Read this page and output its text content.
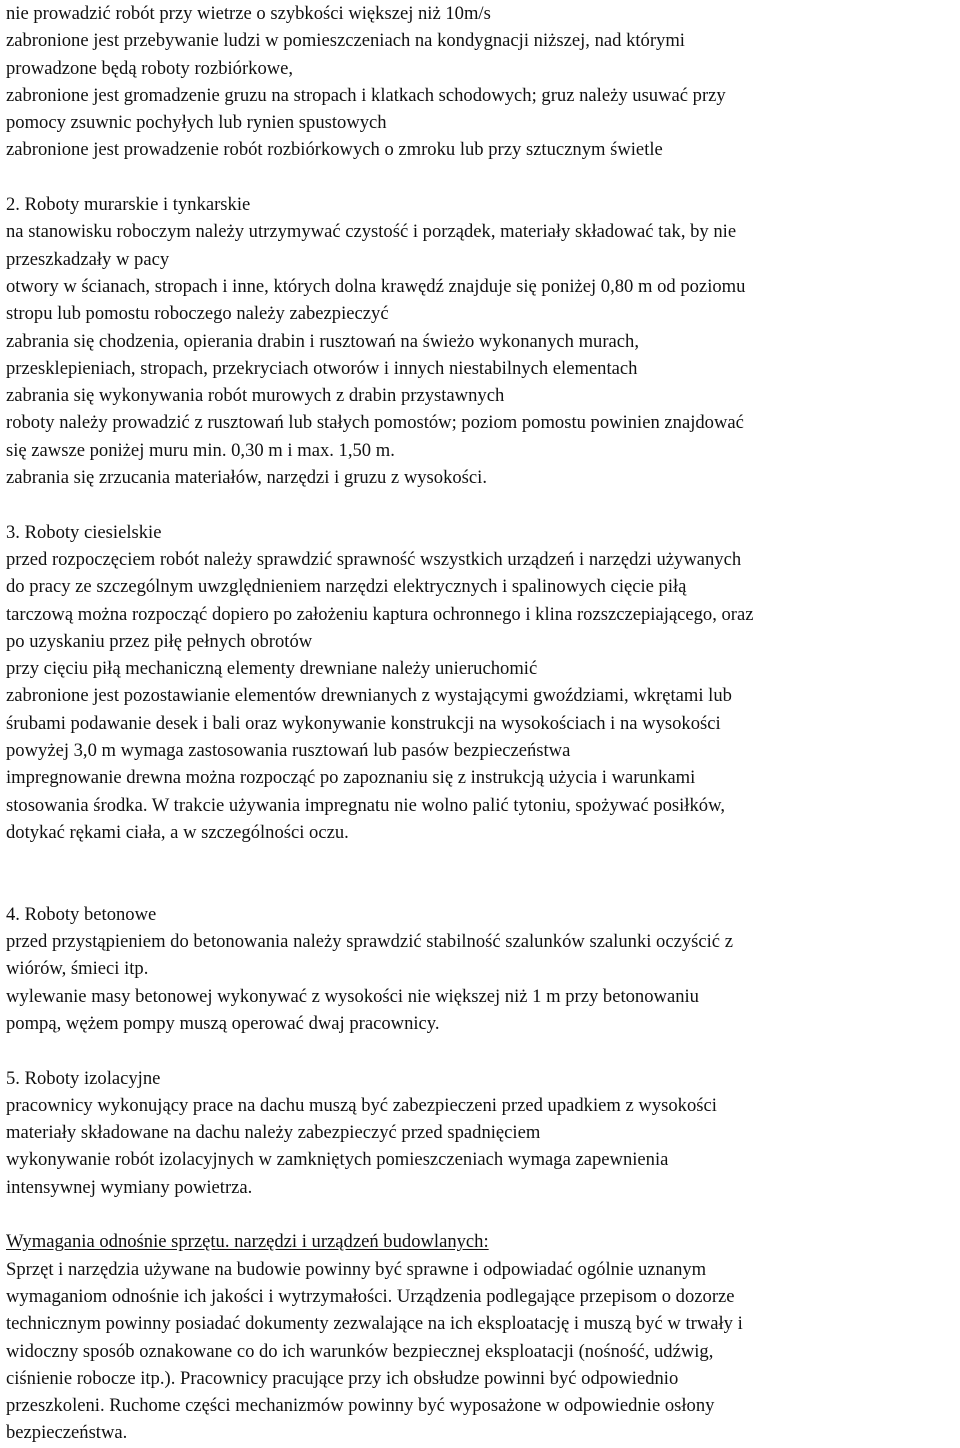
nie prowadzić robót przy wietrze o szybkości większej niż 10m/s
zabronione jest przebywanie ludzi w pomieszczeniach na kondygnacji niższej, nad którymi
prowadzone będą roboty rozbiórkowe,
zabronione jest gromadzenie gruzu na stropach i klatkach schodowych; gruz należy usuwać przy
pomocy zsuwnic pochyłych lub rynien spustowych
zabronione jest prowadzenie robót rozbiórkowych o zmroku lub przy sztucznym świetle
2. Roboty murarskie i tynkarskie
na stanowisku roboczym należy utrzymywać czystość i porządek, materiały składować tak, by nie
przeszkadzały w pacy
otwory w ścianach, stropach i inne, których dolna krawędź znajduje się poniżej 0,80 m od poziomu
stropu lub pomostu roboczego należy zabezpieczyć
zabrania się chodzenia, opierania drabin i rusztowań na świeżo wykonanych murach,
przesklepieniach, stropach, przekryciach otworów i innych niestabilnych elementach
zabrania się wykonywania robót murowych z drabin przystawnych
roboty należy prowadzić z rusztowań lub stałych pomostów; poziom pomostu powinien znajdować
się zawsze poniżej muru min. 0,30 m i max. 1,50 m.
zabrania się zrzucania materiałów, narzędzi i gruzu z wysokości.
3. Roboty ciesielskie
przed rozpoczęciem robót należy sprawdzić sprawność wszystkich urządzeń i narzędzi używanych
do pracy ze szczególnym uwzględnieniem narzędzi elektrycznych i spalinowych cięcie piłą
tarczową można rozpocząć dopiero po założeniu kaptura ochronnego i klina rozszczepiającego, oraz
po uzyskaniu przez piłę pełnych obrotów
przy cięciu piłą mechaniczną elementy drewniane należy unieruchomić
zabronione jest pozostawianie elementów drewnianych z wystającymi gwoździami, wkrętami lub
śrubami podawanie desek i bali oraz wykonywanie konstrukcji na wysokościach i na wysokości
powyżej 3,0 m wymaga zastosowania rusztowań lub pasów bezpieczeństwa
impregnowanie drewna można rozpocząć po zapoznaniu się z instrukcją użycia i warunkami
stosowania środka. W trakcie używania impregnatu nie wolno palić tytoniu, spożywać posiłków,
dotykać rękami ciała, a w szczególności oczu.
4. Roboty betonowe
przed przystąpieniem do betonowania należy sprawdzić stabilność szalunków szalunki oczyścić z
wiórów, śmieci itp.
wylewanie masy betonowej wykonywać z wysokości nie większej niż 1 m przy betonowaniu
pompą, wężem pompy muszą operować dwaj pracownicy.
5. Roboty izolacyjne
pracownicy wykonujący prace na dachu muszą być zabezpieczeni przed upadkiem z wysokości
materiały składowane na dachu należy zabezpieczyć przed spadnięciem
wykonywanie robót izolacyjnych w zamkniętych pomieszczeniach wymaga zapewnienia
intensywnej wymiany powietrza.
Wymagania odnośnie sprzętu. narzędzi i urządzeń budowlanych:
Sprzęt i narzędzia używane na budowie powinny być sprawne i odpowiadać ogólnie uznanym
wymaganiom odnośnie ich jakości i wytrzymałości. Urządzenia podlegające przepisom o dozorze
technicznym powinny posiadać dokumenty zezwalające na ich eksploatację i muszą być w trwały i
widoczny sposób oznakowane co do ich warunków bezpiecznej eksploatacji (nośność, udźwig,
ciśnienie robocze itp.). Pracownicy pracujące przy ich obsłudze powinni być odpowiednio
przeszkoleni. Ruchome części mechanizmów powinny być wyposażone w odpowiednie osłony
bezpieczeństwa.
